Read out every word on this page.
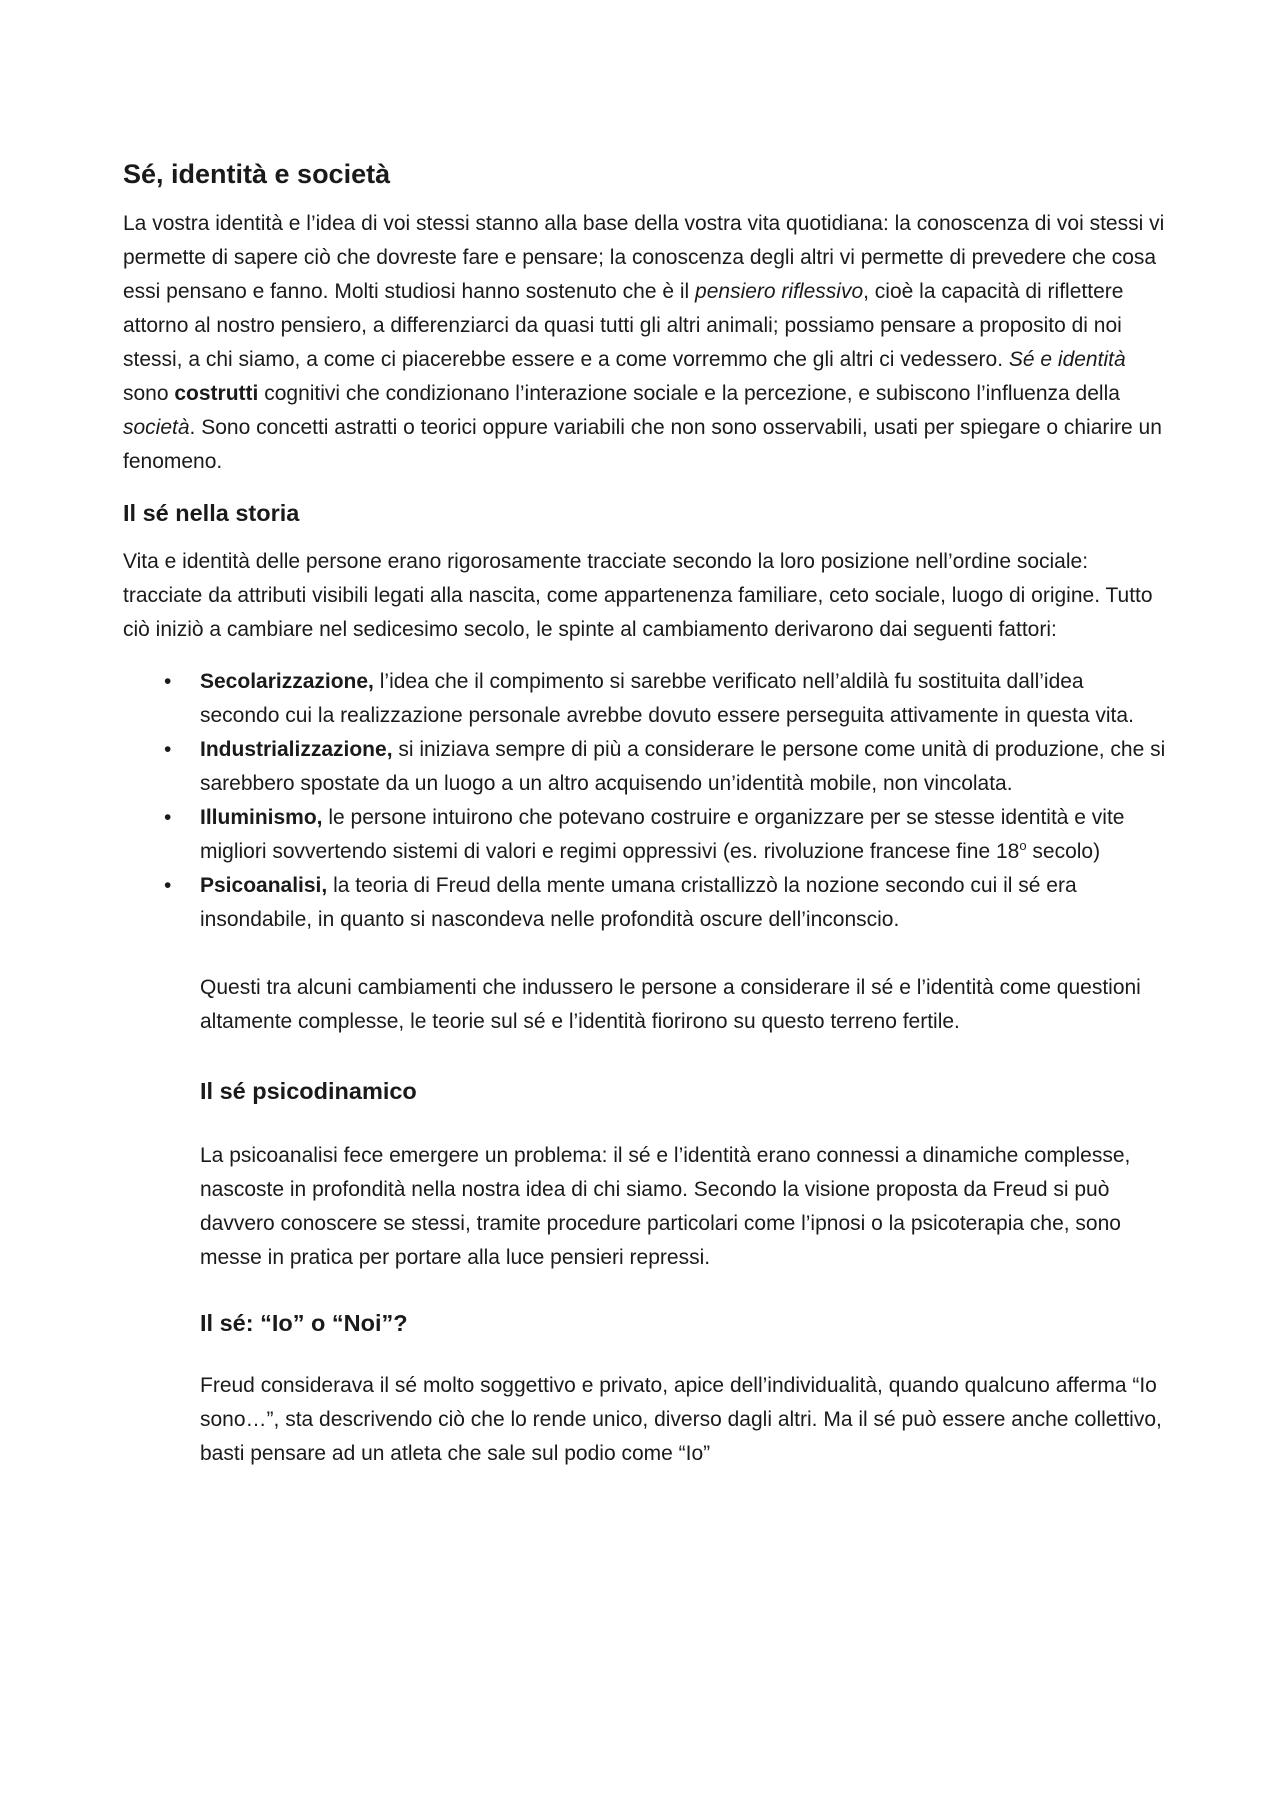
Sé, identità e società

La vostra identità e l’idea di voi stessi stanno alla base della vostra vita quotidiana: la conoscenza di voi stessi vi permette di sapere ciò che dovreste fare e pensare; la conoscenza degli altri vi permette di prevedere che cosa essi pensano e fanno. Molti studiosi hanno sostenuto che è il pensiero riflessivo, cioè la capacità di riflettere attorno al nostro pensiero, a differenziarci da quasi tutti gli altri animali; possiamo pensare a proposito di noi stessi, a chi siamo, a come ci piacerebbe essere e a come vorremmo che gli altri ci vedessero. Sé e identità sono costrutti cognitivi che condizionano l’interazione sociale e la percezione, e subiscono l’influenza della società. Sono concetti astratti o teorici oppure variabili che non sono osservabili, usati per spiegare o chiarire un fenomeno.

Il sé nella storia

Vita e identità delle persone erano rigorosamente tracciate secondo la loro posizione nell’ordine sociale: tracciate da attributi visibili legati alla nascita, come appartenenza familiare, ceto sociale, luogo di origine. Tutto ciò iniziò a cambiare nel sedicesimo secolo, le spinte al cambiamento derivarono dai seguenti fattori:

• Secolarizzazione, l’idea che il compimento si sarebbe verificato nell’aldilà fu sostituita dall’idea secondo cui la realizzazione personale avrebbe dovuto essere perseguita attivamente in questa vita.
• Industrializzazione, si iniziava sempre di più a considerare le persone come unità di produzione, che si sarebbero spostate da un luogo a un altro acquisendo un’identità mobile, non vincolata.
• Illuminismo, le persone intuirono che potevano costruire e organizzare per se stesse identità e vite migliori sovvertendo sistemi di valori e regimi oppressivi (es. rivoluzione francese fine 18$^o$ secolo)
• Psicoanalisi, la teoria di Freud della mente umana cristallizzò la nozione secondo cui il sé era insondabile, in quanto si nascondeva nelle profondità oscure dell’inconscio.

Questi tra alcuni cambiamenti che indussero le persone a considerare il sé e l’identità come questioni altamente complesse, le teorie sul sé e l’identità fiorirono su questo terreno fertile.

Il sé psicodinamico

La psicoanalisi fece emergere un problema: il sé e l’identità erano connessi a dinamiche complesse, nascoste in profondità nella nostra idea di chi siamo. Secondo la visione proposta da Freud si può davvero conoscere se stessi, tramite procedure particolari come l’ipnosi o la psicoterapia che, sono messe in pratica per portare alla luce pensieri repressi.

Il sé: “Io” o “Noi”?

Freud considerava il sé molto soggettivo e privato, apice dell’individualità, quando qualcuno afferma “Io sono…”, sta descrivendo ciò che lo rende unico, diverso dagli altri. Ma il sé può essere anche collettivo, basti pensare ad un atleta che sale sul podio come “Io”
